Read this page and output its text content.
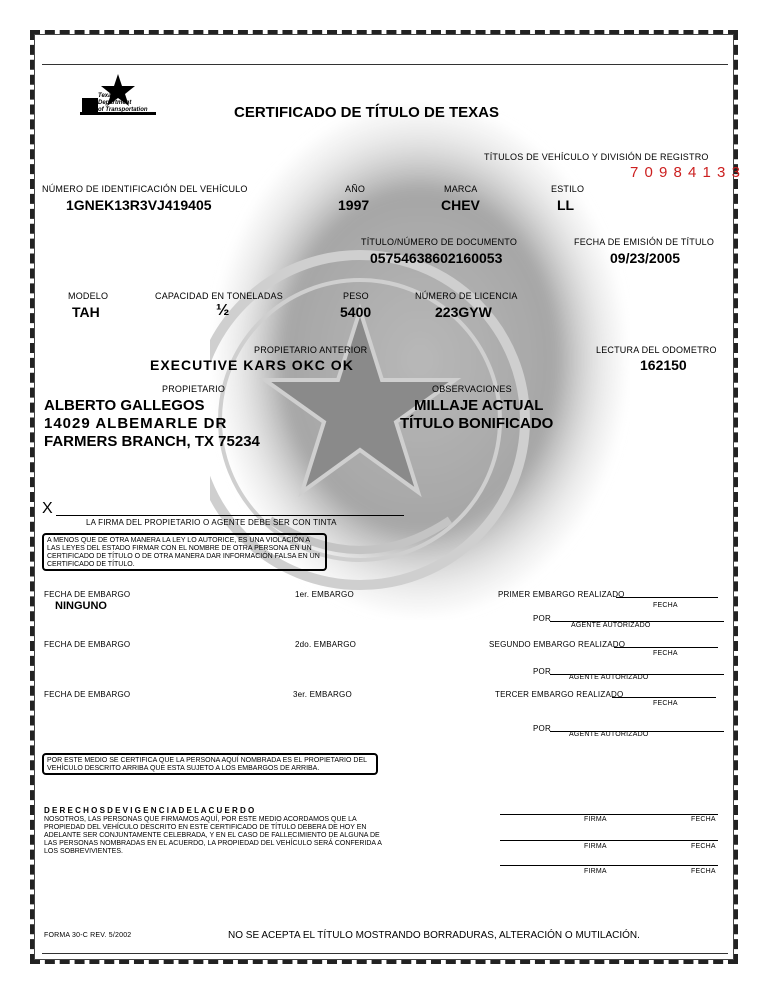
Texas
Department
of Transportation	CERTIFICADO DE TÍTULO DE TEXAS
TÍTULOS DE VEHÍCULO Y DIVISIÓN DE REGISTRO
7 0 9 8 4 1 3 3
NÚMERO DE IDENTIFICACIÓN DEL VEHÍCULO
1GNEK13R3VJ419405
AÑO
1997
MARCA
CHEV
ESTILO
LL
TÍTULO/NÚMERO DE DOCUMENTO
05754638602160053
FECHA DE EMISIÓN DE TÍTULO
09/23/2005
MODELO
TAH
CAPACIDAD EN TONELADAS
½
PESO
5400
NÚMERO DE LICENCIA
223GYW
PROPIETARIO ANTERIOR
EXECUTIVE KARS OKC OK
LECTURA DEL ODOMETRO
162150
PROPIETARIO
ALBERTO GALLEGOS
14029 ALBEMARLE DR
FARMERS BRANCH, TX 75234
OBSERVACIONES
MILLAJE ACTUAL
TÍTULO BONIFICADO
X
LA FIRMA DEL PROPIETARIO O AGENTE DEBE SER CON TINTA
A MENOS QUE DE OTRA MANERA LA LEY LO AUTORICE, ES UNA VIOLACIÓN A LAS LEYES DEL ESTADO FIRMAR CON EL NOMBRE DE OTRA PERSONA EN UN CERTIFICADO DE TÍTULO O DE OTRA MANERA DAR INFORMACIÓN FALSA EN UN CERTIFICADO DE TÍTULO.
FECHA DE EMBARGO
NINGUNO
1er. EMBARGO	PRIMER EMBARGO REALIZADO
FECHA
POR
AGENTE AUTORIZADO
FECHA DE EMBARGO	2do. EMBARGO	SEGUNDO EMBARGO REALIZADO
FECHA
POR
AGENTE AUTORIZADO
FECHA DE EMBARGO	3er. EMBARGO	TERCER EMBARGO REALIZADO
FECHA
POR
AGENTE AUTORIZADO
POR ESTE MEDIO SE CERTIFICA QUE LA PERSONA AQUÍ NOMBRADA ES EL PROPIETARIO DEL VEHÍCULO DESCRITO ARRIBA QUE ESTA SUJETO A LOS EMBARGOS DE ARRIBA.
D E R E C H O S D E V I G E N C I A D E L A C U E R D O
NOSOTROS, LAS PERSONAS QUE FIRMAMOS AQUÍ, POR ESTE MEDIO ACORDAMOS QUE LA PROPIEDAD DEL VEHÍCULO DESCRITO EN ESTE CERTIFICADO DE TÍTULO DEBERA DE HOY EN ADELANTE SER CONJUNTAMENTE CELEBRADA, Y EN EL CASO DE FALLECIMIENTO DE ALGUNA DE LAS PERSONAS NOMBRADAS EN EL ACUERDO, LA PROPIEDAD DEL VEHÍCULO SERÁ CONFERIDA A LOS SOBREVIVIENTES.
FIRMA	FECHA
FIRMA	FECHA
FIRMA	FECHA
FORMA 30-C REV. 5/2002	NO SE ACEPTA EL TÍTULO MOSTRANDO BORRADURAS, ALTERACIÓN O MUTILACIÓN.
